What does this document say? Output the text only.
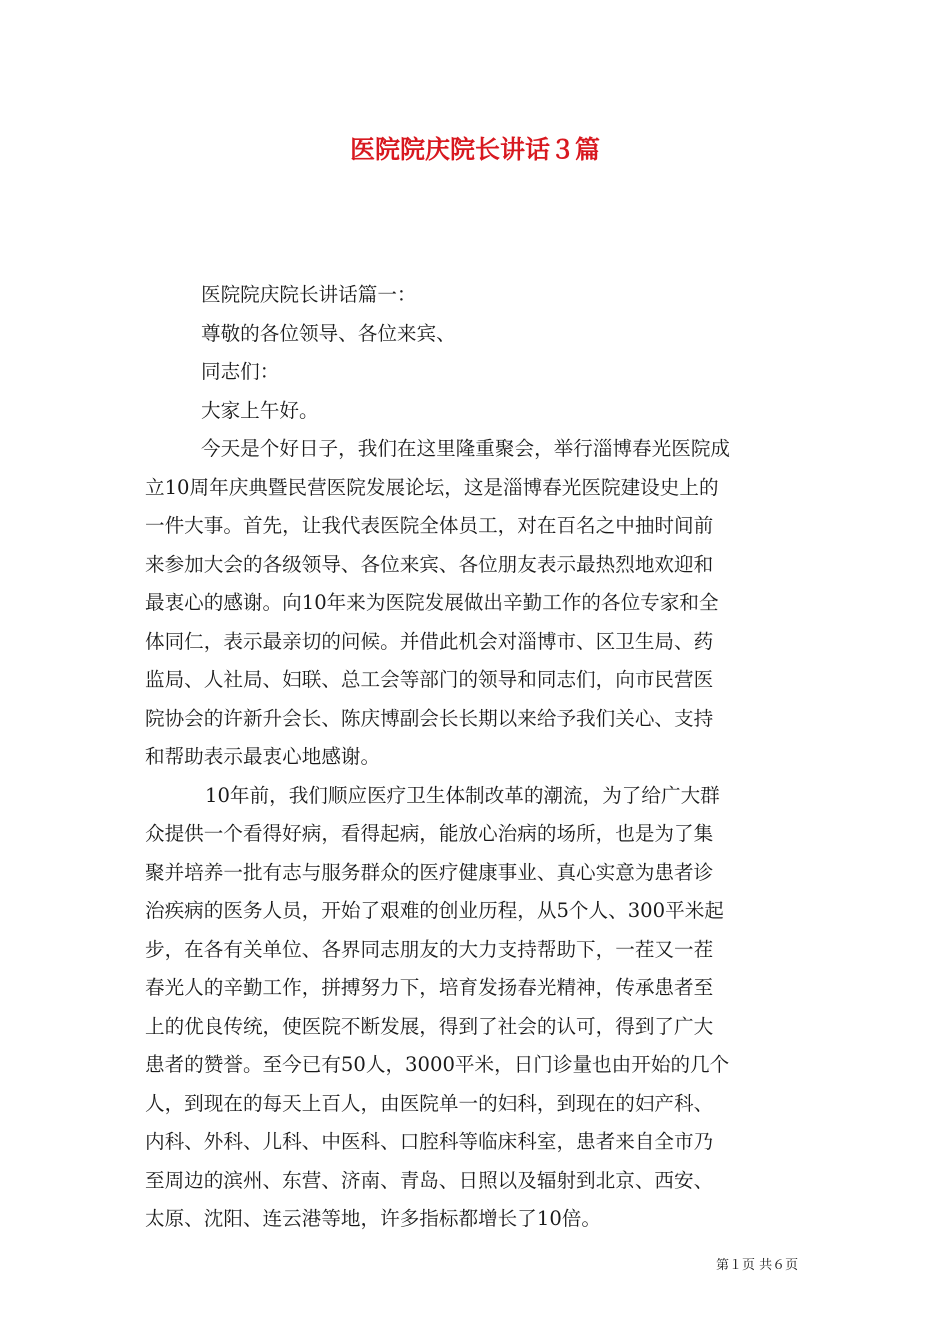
医院院庆院长讲话３篇
医院院庆院长讲话篇一：
尊敬的各位领导、各位来宾、
同志们：
大家上午好。
今天是个好日子，我们在这里隆重聚会，举行淄博春光医院成
立10周年庆典暨民营医院发展论坛，这是淄博春光医院建设史上的
一件大事。首先，让我代表医院全体员工，对在百名之中抽时间前
来参加大会的各级领导、各位来宾、各位朋友表示最热烈地欢迎和
最衷心的感谢。向10年来为医院发展做出辛勤工作的各位专家和全
体同仁，表示最亲切的问候。并借此机会对淄博市、区卫生局、药
监局、人社局、妇联、总工会等部门的领导和同志们，向市民营医
院协会的许新升会长、陈庆博副会长长期以来给予我们关心、支持
和帮助表示最衷心地感谢。
10年前，我们顺应医疗卫生体制改革的潮流，为了给广大群
众提供一个看得好病，看得起病，能放心治病的场所，也是为了集
聚并培养一批有志与服务群众的医疗健康事业、真心实意为患者诊
治疾病的医务人员，开始了艰难的创业历程，从5个人、300平米起
步，在各有关单位、各界同志朋友的大力支持帮助下，一茬又一茬
春光人的辛勤工作，拼搏努力下，培育发扬春光精神，传承患者至
上的优良传统，使医院不断发展，得到了社会的认可，得到了广大
患者的赞誉。至今已有50人，3000平米，日门诊量也由开始的几个
人，到现在的每天上百人，由医院单一的妇科，到现在的妇产科、
内科、外科、儿科、中医科、口腔科等临床科室，患者来自全市乃
至周边的滨州、东营、济南、青岛、日照以及辐射到北京、西安、
太原、沈阳、连云港等地，许多指标都增长了10倍。
第１页 共６页
